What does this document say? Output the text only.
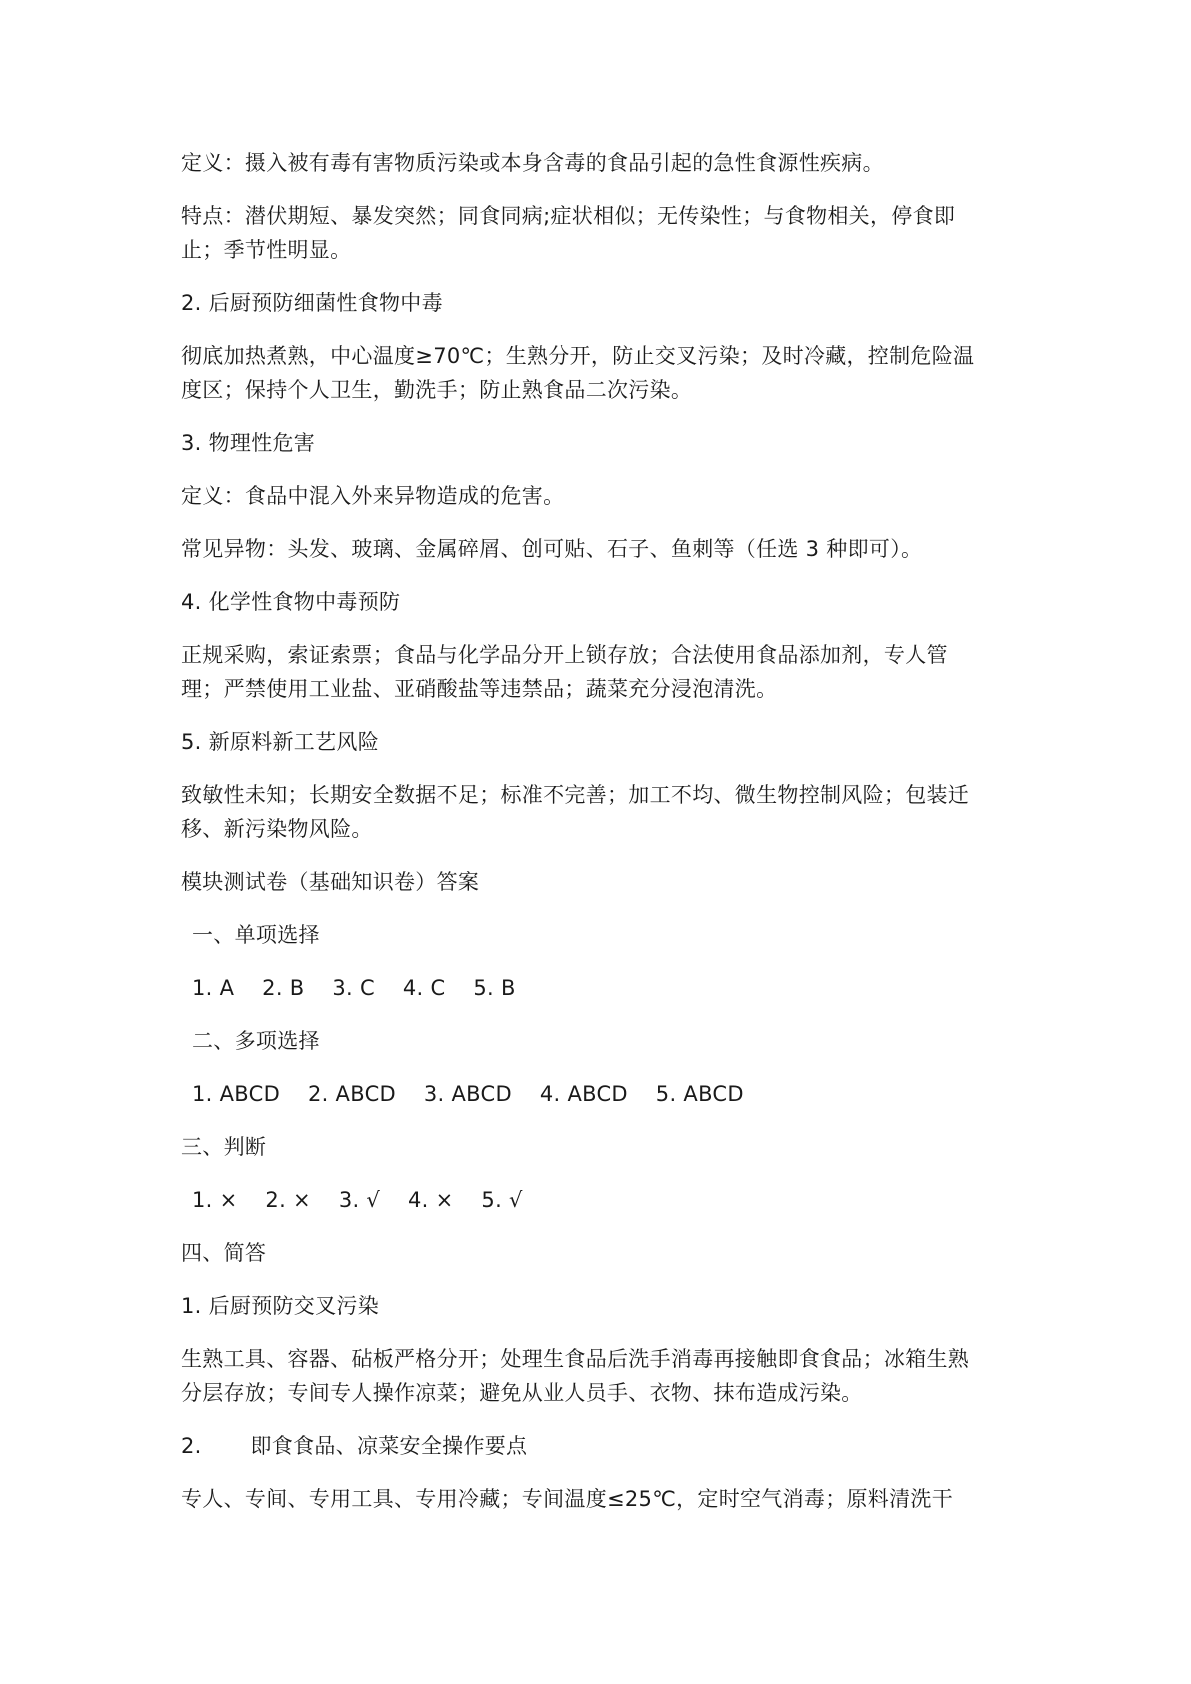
定义：摄入被有毒有害物质污染或本身含毒的食品引起的急性食源性疾病。
特点：潜伏期短、暴发突然；同食同病;症状相似；无传染性；与食物相关，停食即
止；季节性明显。
2. 后厨预防细菌性食物中毒
彻底加热煮熟，中心温度≥70℃；生熟分开，防止交叉污染；及时冷藏，控制危险温
度区；保持个人卫生，勤洗手；防止熟食品二次污染。
3. 物理性危害
定义：食品中混入外来异物造成的危害。
常见异物：头发、玻璃、金属碎屑、创可贴、石子、鱼刺等（任选 3 种即可）。
4. 化学性食物中毒预防
正规采购，索证索票；食品与化学品分开上锁存放；合法使用食品添加剂，专人管
理；严禁使用工业盐、亚硝酸盐等违禁品；蔬菜充分浸泡清洗。
5. 新原料新工艺风险
致敏性未知；长期安全数据不足；标准不完善；加工不均、微生物控制风险；包装迁
移、新污染物风险。
模块测试卷（基础知识卷）答案
一、单项选择
1. A    2. B    3. C    4. C    5. B
二、多项选择
1. ABCD    2. ABCD    3. ABCD    4. ABCD    5. ABCD
三、判断
1. ×    2. ×    3. √    4. ×    5. √
四、简答
1. 后厨预防交叉污染
生熟工具、容器、砧板严格分开；处理生食品后洗手消毒再接触即食食品；冰箱生熟
分层存放；专间专人操作凉菜；避免从业人员手、衣物、抹布造成污染。
2.       即食食品、凉菜安全操作要点
专人、专间、专用工具、专用冷藏；专间温度≤25℃，定时空气消毒；原料清洗干
